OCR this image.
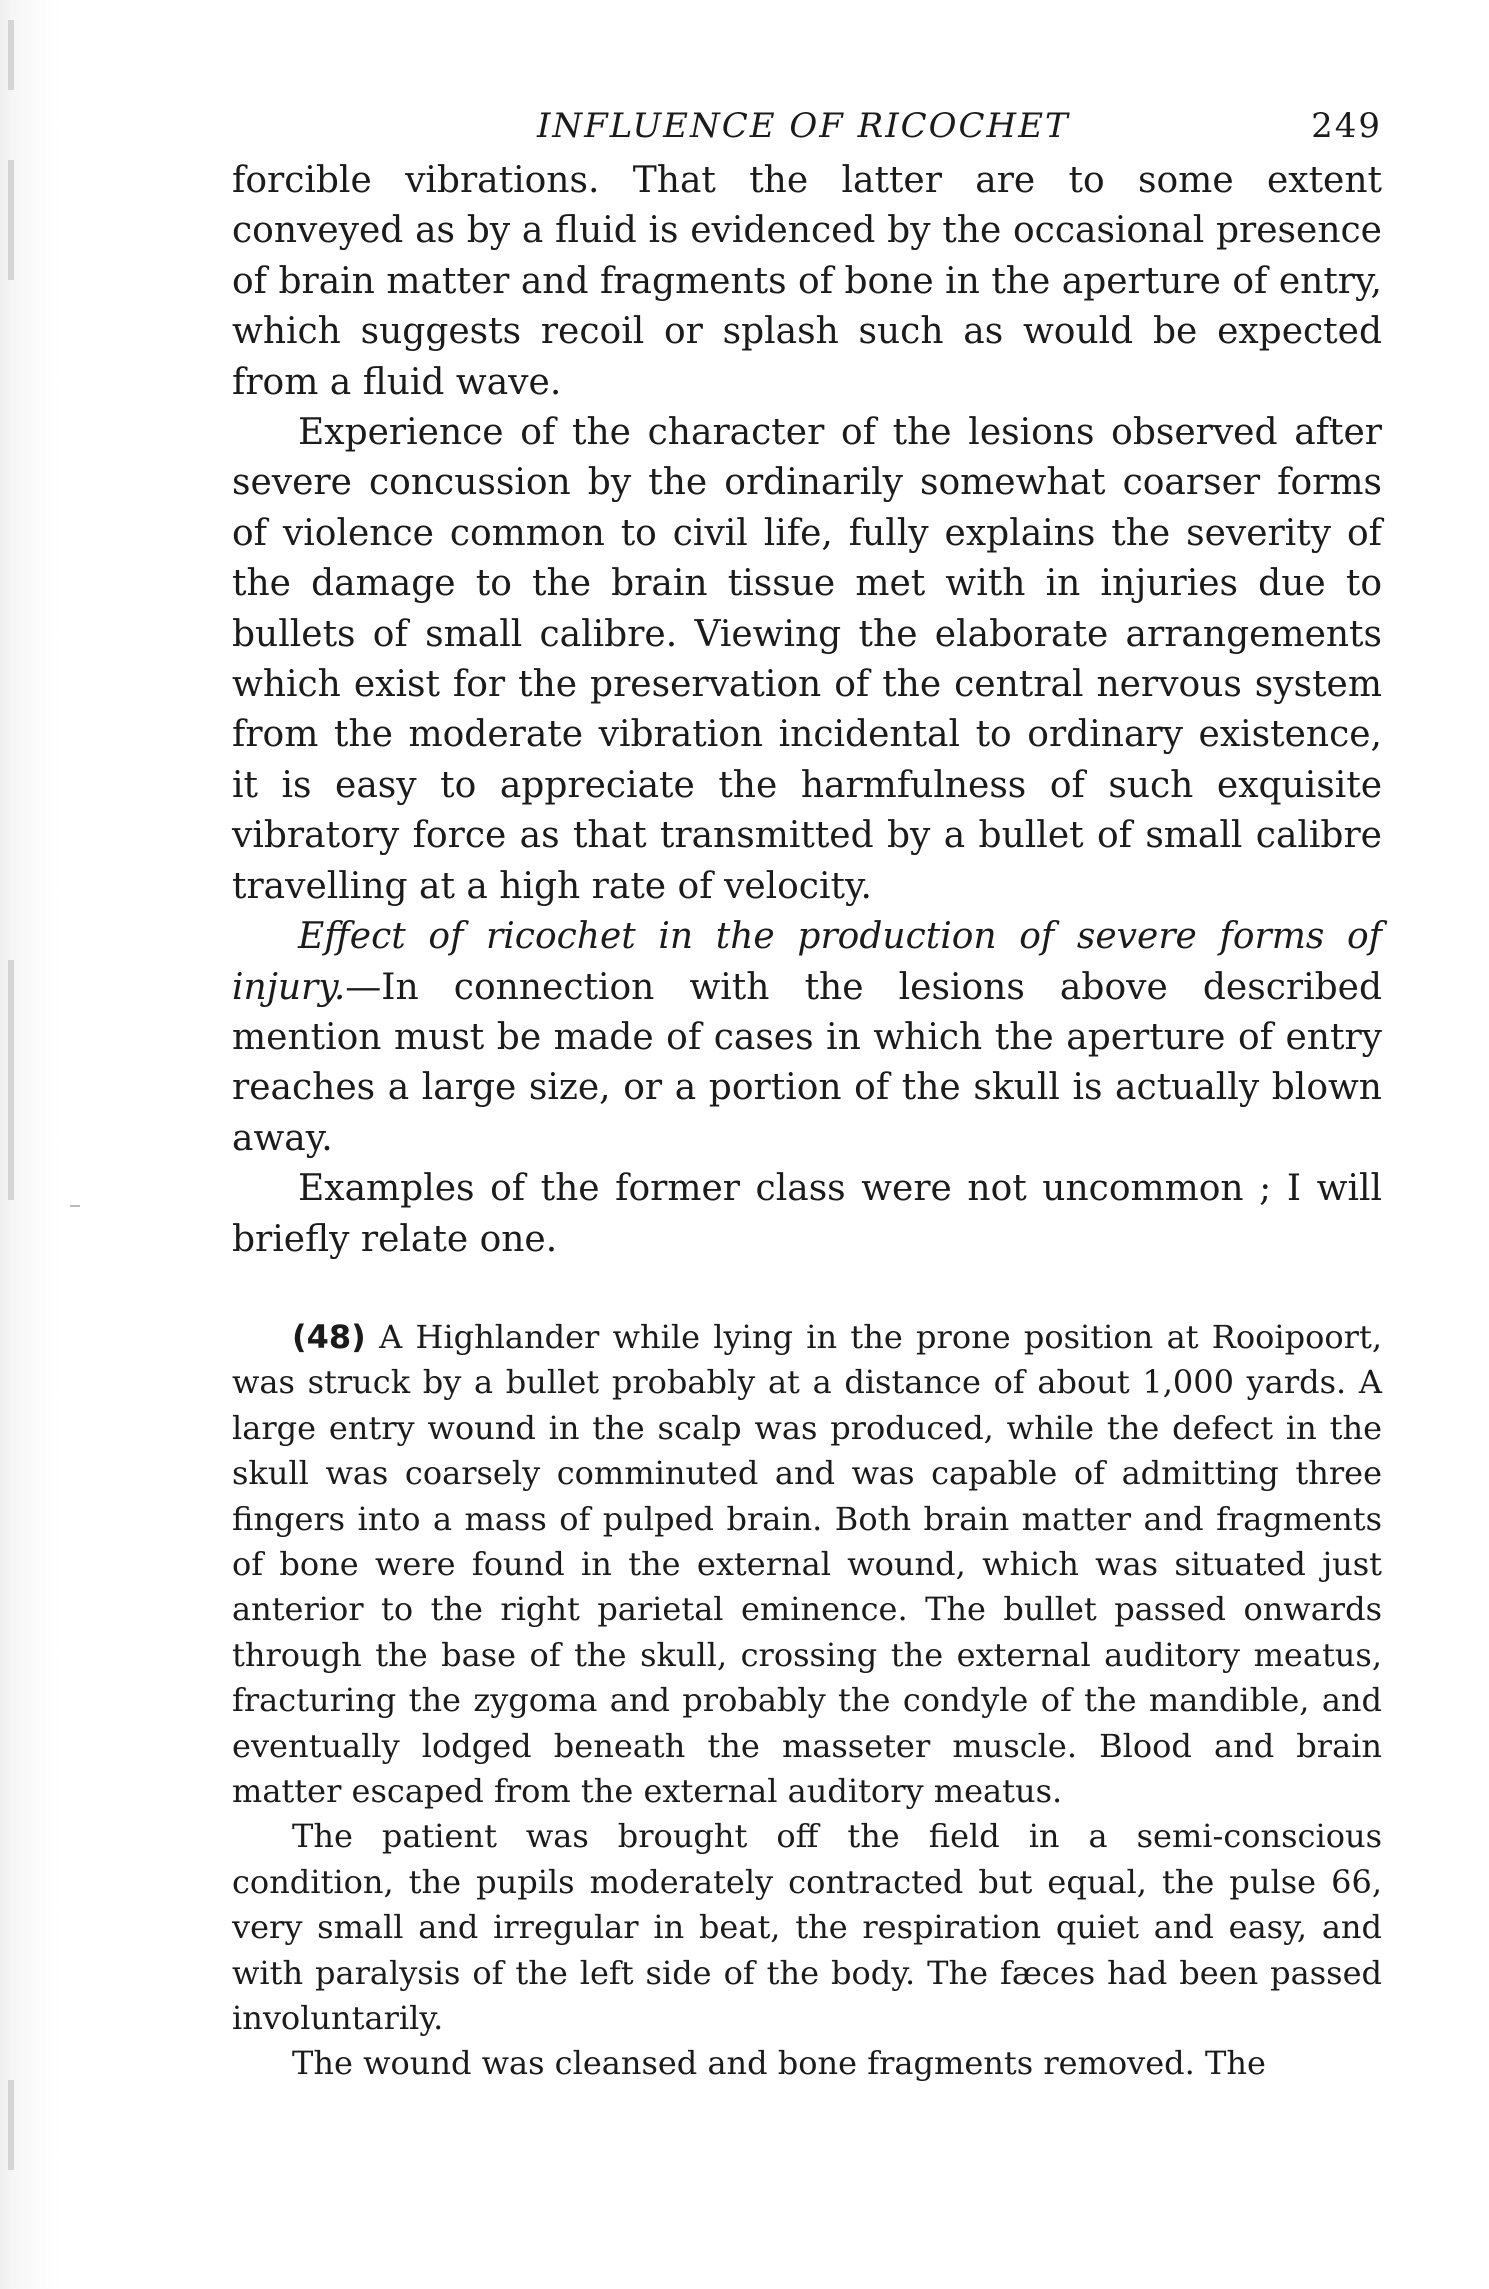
INFLUENCE OF RICOCHET	249

forcible vibrations. That the latter are to some extent conveyed as by a fluid is evidenced by the occasional presence of brain matter and fragments of bone in the aperture of entry, which suggests recoil or splash such as would be expected from a fluid wave.

Experience of the character of the lesions observed after severe concussion by the ordinarily somewhat coarser forms of violence common to civil life, fully explains the severity of the damage to the brain tissue met with in injuries due to bullets of small calibre. Viewing the elaborate arrangements which exist for the preservation of the central nervous system from the moderate vibration incidental to ordinary existence, it is easy to appreciate the harmfulness of such exquisite vibratory force as that transmitted by a bullet of small calibre travelling at a high rate of velocity.

Effect of ricochet in the production of severe forms of injury.—In connection with the lesions above described mention must be made of cases in which the aperture of entry reaches a large size, or a portion of the skull is actually blown away.

Examples of the former class were not uncommon ; I will briefly relate one.

(48) A Highlander while lying in the prone position at Rooipoort, was struck by a bullet probably at a distance of about 1,000 yards. A large entry wound in the scalp was produced, while the defect in the skull was coarsely comminuted and was capable of admitting three fingers into a mass of pulped brain. Both brain matter and fragments of bone were found in the external wound, which was situated just anterior to the right parietal eminence. The bullet passed onwards through the base of the skull, crossing the external auditory meatus, fracturing the zygoma and probably the condyle of the mandible, and eventually lodged beneath the masseter muscle. Blood and brain matter escaped from the external auditory meatus.

The patient was brought off the field in a semi-conscious condition, the pupils moderately contracted but equal, the pulse 66, very small and irregular in beat, the respiration quiet and easy, and with paralysis of the left side of the body. The fæces had been passed involuntarily.

The wound was cleansed and bone fragments removed. The
